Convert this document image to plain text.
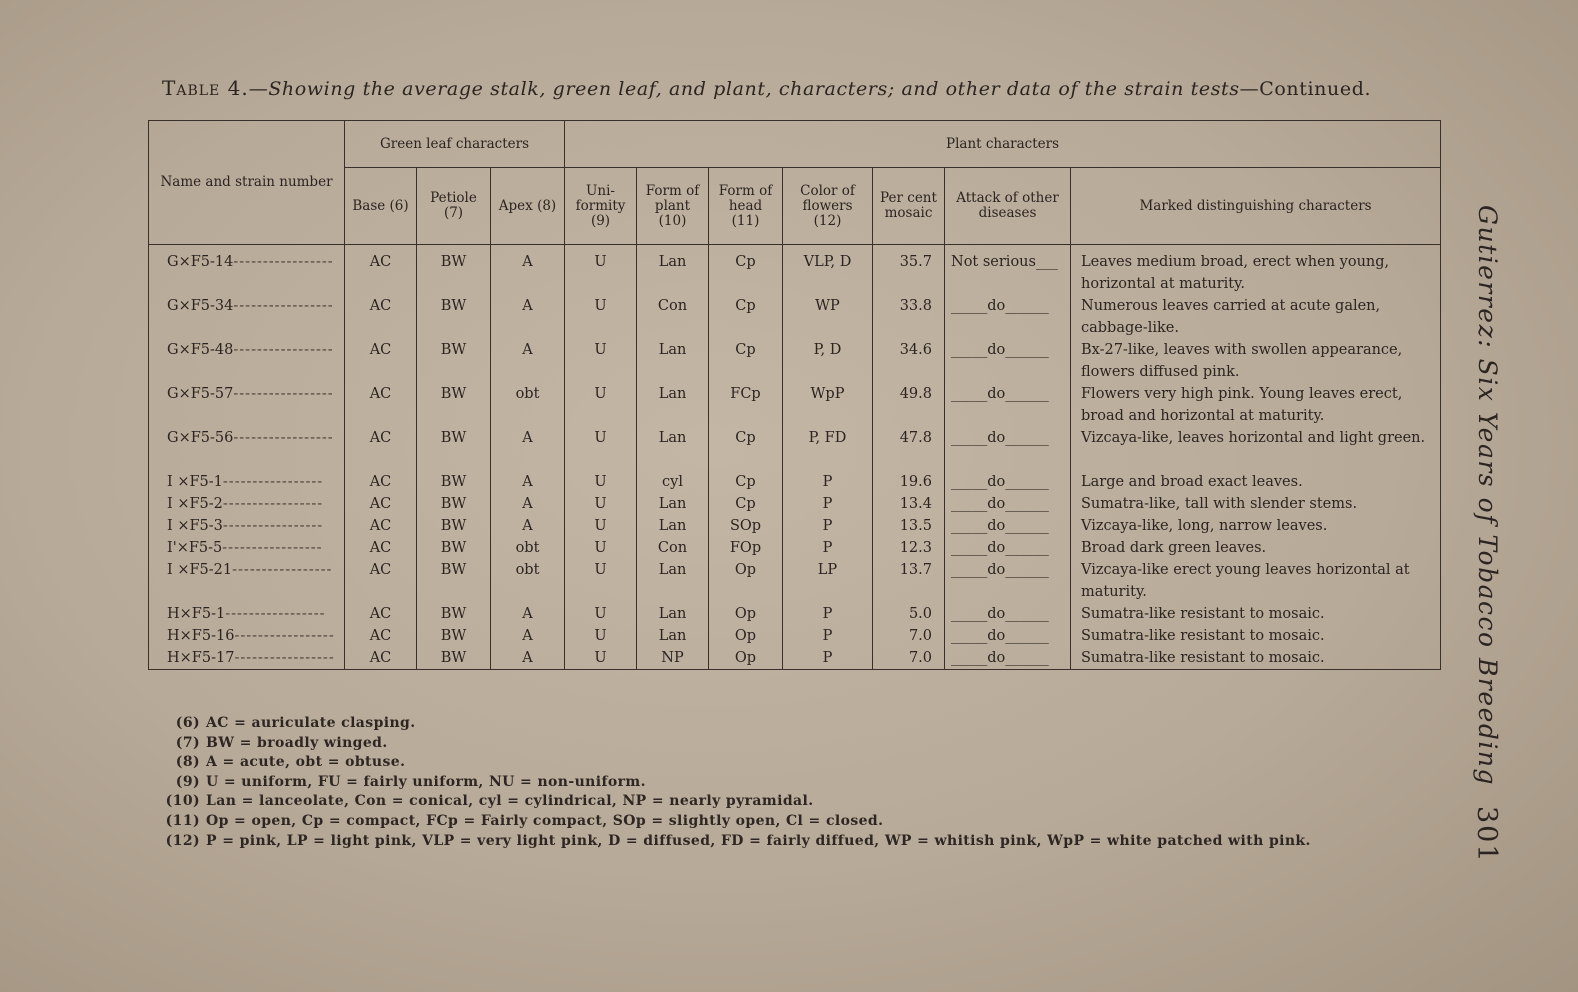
Table 4.—Showing the average stalk, green leaf, and plant, characters; and other data of the strain tests—Continued.
Name and strain number	Green leaf characters			Plant characters						
	Base (6)	Petiole (7)	Apex (8)	Uni- formity (9)	Form of plant (10)	Form of head (11)	Color of flowers (12)	Per cent mosaic	Attack of other diseases	Marked distinguishing characters
G×F5-14 -----	AC	BW	A	U	Lan	Cp	VLP, D	35.7	Not serious___	Leaves medium broad, erect when young, horizontal at maturity.
G×F5-34 -----	AC	BW	A	U	Con	Cp	WP	33.8	_____do______	Numerous leaves carried at acute galen, cabbage-like.
G×F5-48 -----	AC	BW	A	U	Lan	Cp	P, D	34.6	_____do______	Bx-27-like, leaves with swollen appearance, flowers diffused pink.
G×F5-57 -----	AC	BW	obt	U	Lan	FCp	WpP	49.8	_____do______	Flowers very high pink. Young leaves erect, broad and horizontal at maturity.
G×F5-56 -----	AC	BW	A	U	Lan	Cp	P, FD	47.8	_____do______	Vizcaya-like, leaves horizontal and light green.
I ×F5-1 -----	AC	BW	A	U	cyl	Cp	P	19.6	_____do______	Large and broad exact leaves.
I ×F5-2 -----	AC	BW	A	U	Lan	Cp	P	13.4	_____do______	Sumatra-like, tall with slender stems.
I ×F5-3 -----	AC	BW	A	U	Lan	SOp	P	13.5	_____do______	Vizcaya-like, long, narrow leaves.
I'×F5-5 -----	AC	BW	obt	U	Con	FOp	P	12.3	_____do______	Broad dark green leaves.
I ×F5-21 -----	AC	BW	obt	U	Lan	Op	LP	13.7	_____do______	Vizcaya-like erect young leaves horizontal at maturity.
H×F5-1 -----	AC	BW	A	U	Lan	Op	P	5.0	_____do______	Sumatra-like resistant to mosaic.
H×F5-16 -----	AC	BW	A	U	Lan	Op	P	7.0	_____do______	Sumatra-like resistant to mosaic.
H×F5-17 -----	AC	BW	A	U	NP	Op	P	7.0	_____do______	Sumatra-like resistant to mosaic.
(6) AC = auriculate clasping.
(7) BW = broadly winged.
(8) A = acute, obt = obtuse.
(9) U = uniform, FU = fairly uniform, NU = non-uniform.
(10) Lan = lanceolate, Con = conical, cyl = cylindrical, NP = nearly pyramidal.
(11) Op = open, Cp = compact, FCp = Fairly compact, SOp = slightly open, Cl = closed.
(12) P = pink, LP = light pink, VLP = very light pink, D = diffused, FD = fairly diffued, WP = whitish pink, WpP = white patched with pink.
Gutierrez: Six Years of Tobacco Breeding
301
